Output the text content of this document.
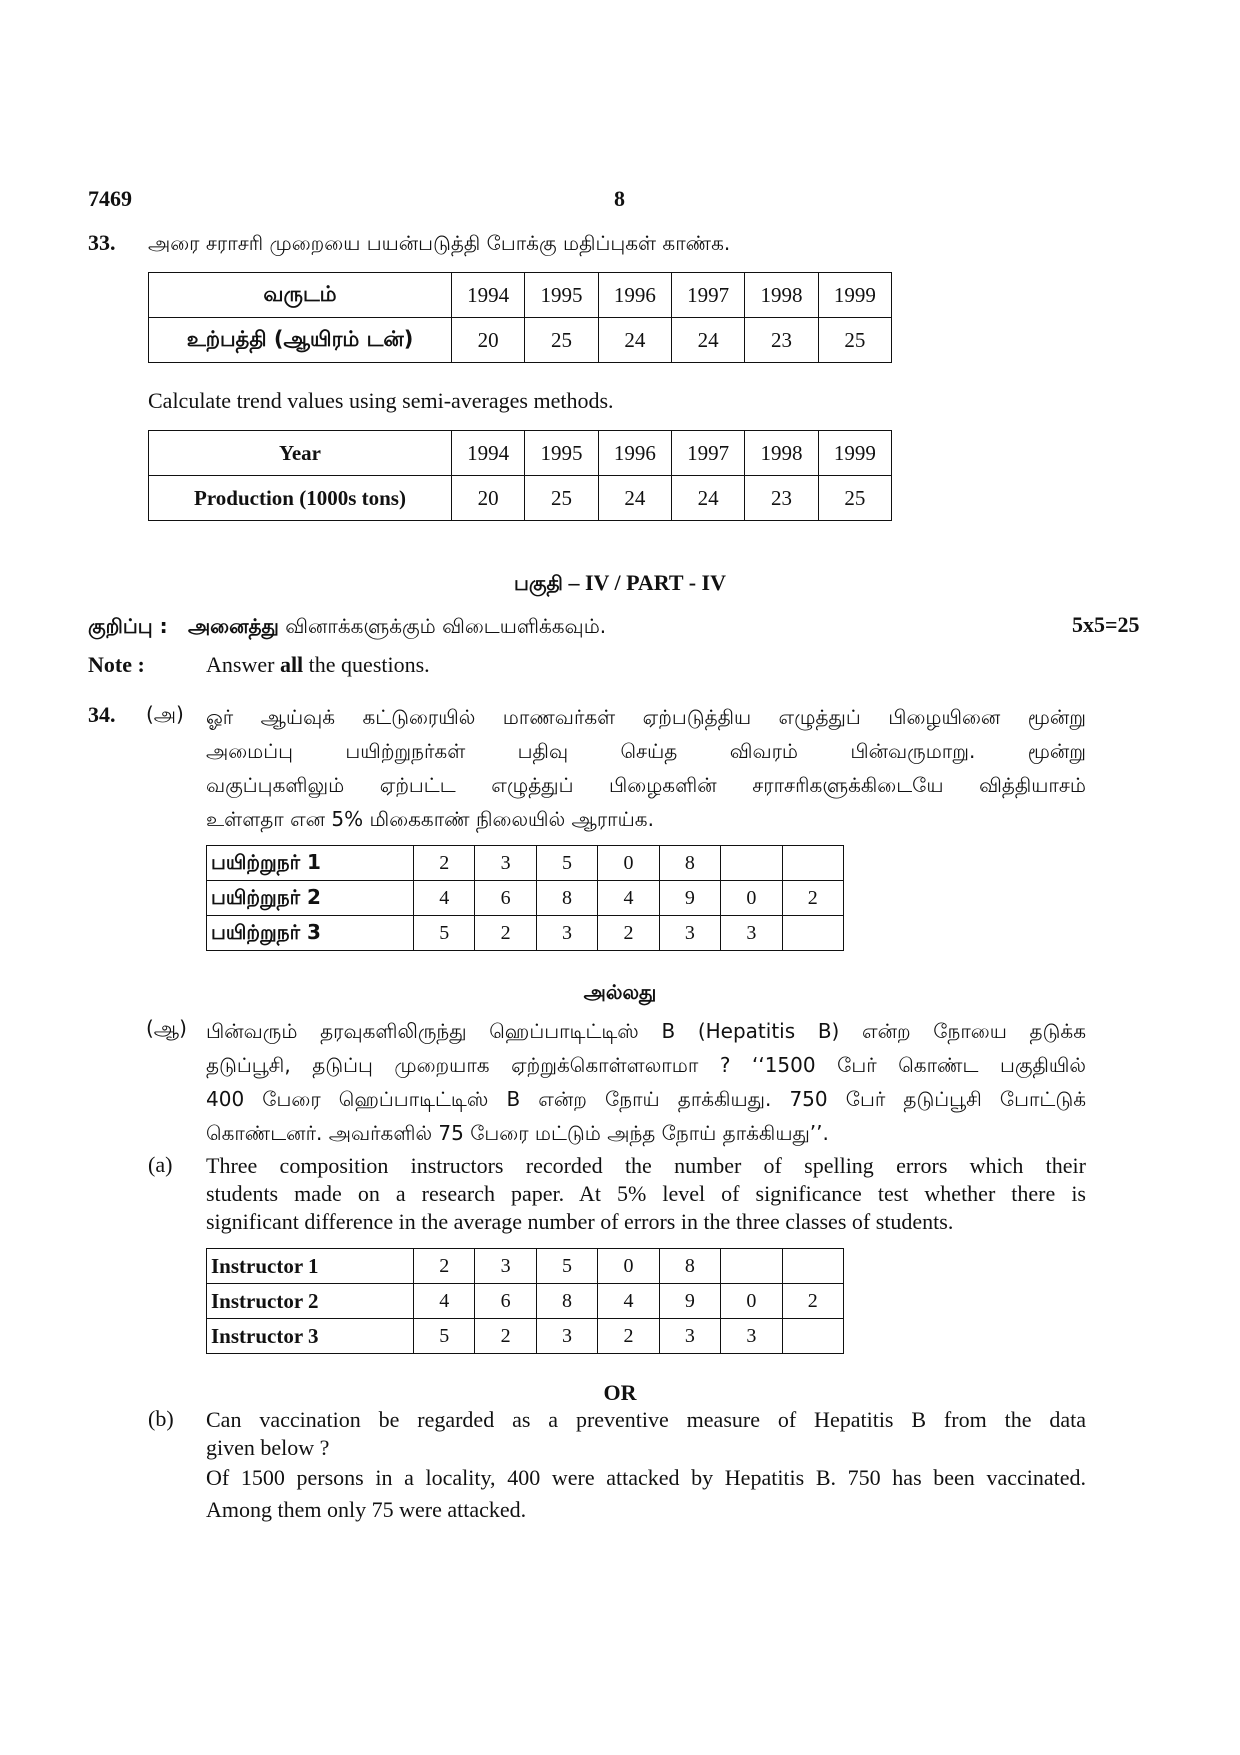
7469	8
33. அரை சராசரி முறையை பயன்படுத்தி போக்கு மதிப்புகள் காண்க.
வருடம்	1994	1995	1996	1997	1998	1999
உற்பத்தி (ஆயிரம் டன்)	20	25	24	24	23	25
Calculate trend values using semi-averages methods.
Year	1994	1995	1996	1997	1998	1999
Production (1000s tons)	20	25	24	24	23	25
பகுதி – IV / PART - IV
குறிப்பு : அனைத்து வினாக்களுக்கும் விடையளிக்கவும்.	5x5=25
Note :	Answer all the questions.
34. (அ) ஓர் ஆய்வுக் கட்டுரையில் மாணவர்கள் ஏற்படுத்திய எழுத்துப் பிழையினை மூன்று
அமைப்பு பயிற்றுநர்கள் பதிவு செய்த விவரம் பின்வருமாறு. மூன்று
வகுப்புகளிலும் ஏற்பட்ட எழுத்துப் பிழைகளின் சராசரிகளுக்கிடையே வித்தியாசம்
உள்ளதா என 5% மிகைகாண் நிலையில் ஆராய்க.
பயிற்றுநர் 1	2	3	5	0	8		
பயிற்றுநர் 2	4	6	8	4	9	0	2
பயிற்றுநர் 3	5	2	3	2	3	3	
அல்லது
(ஆ) பின்வரும் தரவுகளிலிருந்து ஹெப்பாடிட்டிஸ் B (Hepatitis B) என்ற நோயை தடுக்க
தடுப்பூசி, தடுப்பு முறையாக ஏற்றுக்கொள்ளலாமா ? ‘‘1500 பேர் கொண்ட பகுதியில்
400 பேரை ஹெப்பாடிட்டிஸ் B என்ற நோய் தாக்கியது. 750 பேர் தடுப்பூசி போட்டுக்
கொண்டனர். அவர்களில் 75 பேரை மட்டும் அந்த நோய் தாக்கியது’’.
(a) Three composition instructors recorded the number of spelling errors which their
students made on a research paper. At 5% level of significance test whether there is
significant difference in the average number of errors in the three classes of students.
Instructor 1	2	3	5	0	8		
Instructor 2	4	6	8	4	9	0	2
Instructor 3	5	2	3	2	3	3	
OR
(b) Can vaccination be regarded as a preventive measure of Hepatitis B from the data
given below ?
Of 1500 persons in a locality, 400 were attacked by Hepatitis B. 750 has been vaccinated.
Among them only 75 were attacked.
